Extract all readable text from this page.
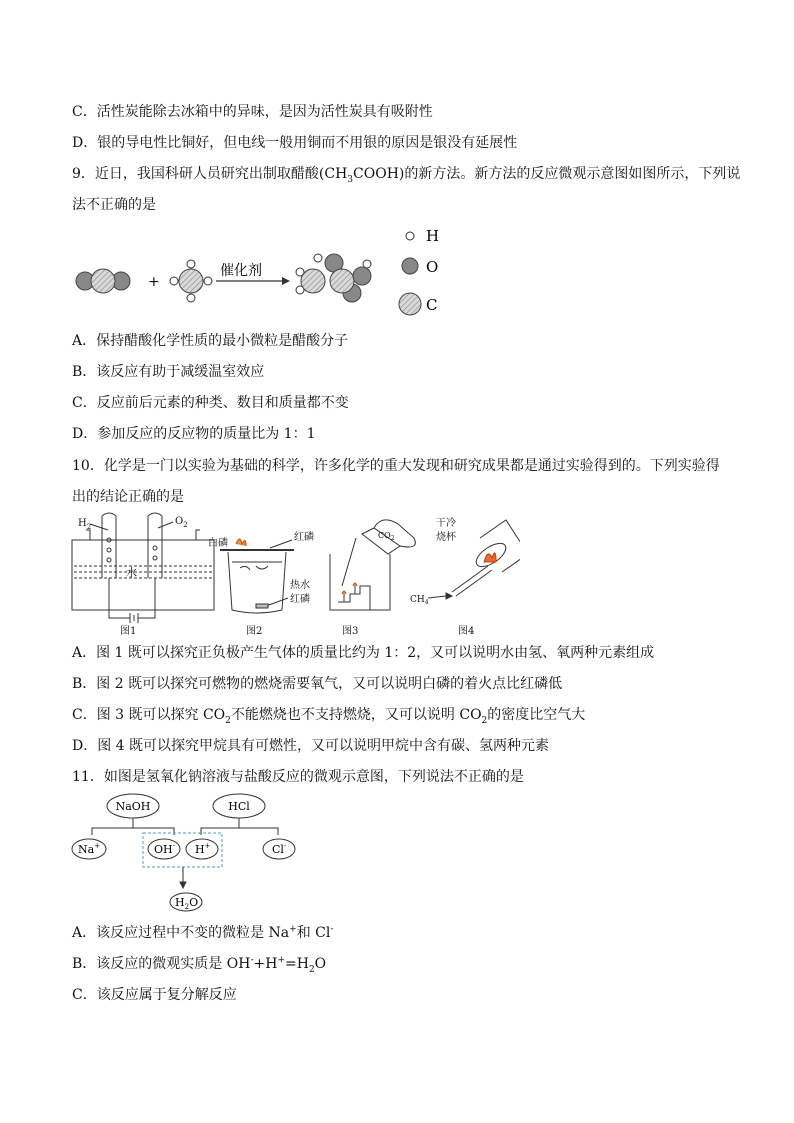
C．活性炭能除去冰箱中的异味，是因为活性炭具有吸附性
D．银的导电性比铜好，但电线一般用铜而不用银的原因是银没有延展性
9．近日，我国科研人员研究出制取醋酸$(CH_3COOH)$的新方法。新方法的反应微观示意图如图所示，下列说
法不正确的是
+
催化剂
H
O
C
A．保持醋酸化学性质的最小微粒是醋酸分子
B．该反应有助于减缓温室效应
C．反应前后元素的种类、数目和质量都不变
D．参加反应的反应物的质量比为 1：1
10．化学是一门以实验为基础的科学，许多化学的重大发现和研究成果都是通过实验得到的。下列实验得
出的结论正确的是
$H_2$	$O_2$
水
图1
白磷
红磷
热水
红磷
图2
$CO_2$
图3
干冷
烧杯
$CH_4$
图4
A．图 1 既可以探究正负极产生气体的质量比约为 1：2，又可以说明水由氢、氧两种元素组成
B．图 2 既可以探究可燃物的燃烧需要氧气，又可以说明白磷的着火点比红磷低
C．图 3 既可以探究 $CO_2$不能燃烧也不支持燃烧，又可以说明 $CO_2$的密度比空气大
D．图 4 既可以探究甲烷具有可燃性，又可以说明甲烷中含有碳、氢两种元素
11．如图是氢氧化钠溶液与盐酸反应的微观示意图，下列说法不正确的是
NaOH	HCl
Na+	OH- H+	Cl-
$H_2O$
A．该反应过程中不变的微粒是 Na+和 Cl-
B．该反应的微观实质是 $OH^-+H^+=H_2O$
C．该反应属于复分解反应
